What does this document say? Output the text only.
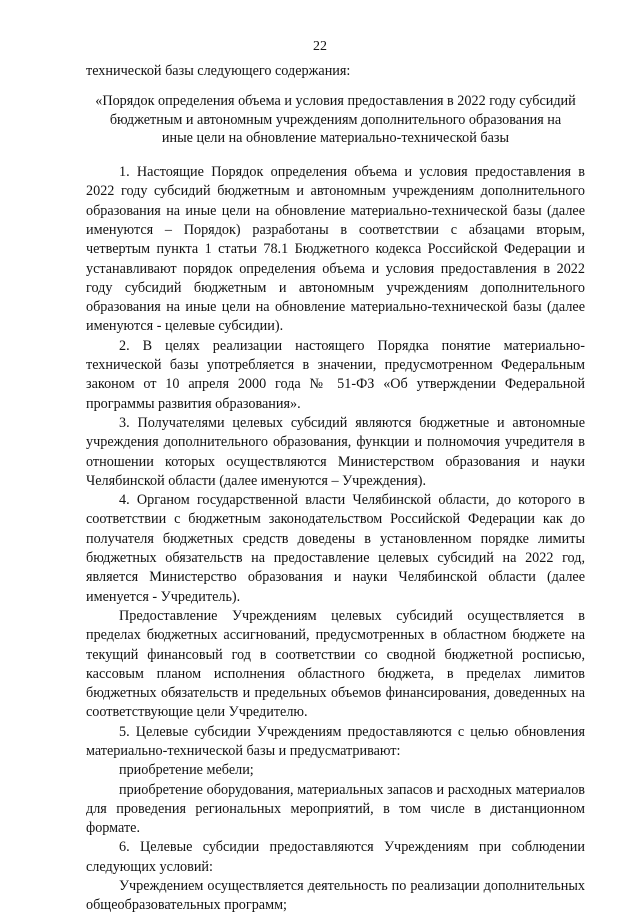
22

технической базы следующего содержания:

«Порядок определения объема и условия предоставления в 2022 году субсидий
бюджетным и автономным учреждениям дополнительного образования на
иные цели на обновление материально-технической базы

1. Настоящие Порядок определения объема и условия предоставления в 2022 году субсидий бюджетным и автономным учреждениям дополнительного образования на иные цели на обновление материально-технической базы (далее именуются – Порядок) разработаны в соответствии с абзацами вторым, четвертым пункта 1 статьи 78.1 Бюджетного кодекса Российской Федерации и устанавливают порядок определения объема и условия предоставления в 2022 году субсидий бюджетным и автономным учреждениям дополнительного образования на иные цели на обновление материально-технической базы (далее именуются - целевые субсидии).

2. В целях реализации настоящего Порядка понятие материально-технической базы употребляется в значении, предусмотренном Федеральным законом от 10 апреля 2000 года № 51-ФЗ «Об утверждении Федеральной программы развития образования».

3. Получателями целевых субсидий являются бюджетные и автономные учреждения дополнительного образования, функции и полномочия учредителя в отношении которых осуществляются Министерством образования и науки Челябинской области (далее именуются – Учреждения).

4. Органом государственной власти Челябинской области, до которого в соответствии с бюджетным законодательством Российской Федерации как до получателя бюджетных средств доведены в установленном порядке лимиты бюджетных обязательств на предоставление целевых субсидий на 2022 год, является Министерство образования и науки Челябинской области (далее именуется - Учредитель).

Предоставление Учреждениям целевых субсидий осуществляется в пределах бюджетных ассигнований, предусмотренных в областном бюджете на текущий финансовый год в соответствии со сводной бюджетной росписью, кассовым планом исполнения областного бюджета, в пределах лимитов бюджетных обязательств и предельных объемов финансирования, доведенных на соответствующие цели Учредителю.

5. Целевые субсидии Учреждениям предоставляются с целью обновления материально-технической базы и предусматривают:

приобретение мебели;

приобретение оборудования, материальных запасов и расходных материалов для проведения региональных мероприятий, в том числе в дистанционном формате.

6. Целевые субсидии предоставляются Учреждениям при соблюдении следующих условий:

Учреждением осуществляется деятельность по реализации дополнительных общеобразовательных программ;
